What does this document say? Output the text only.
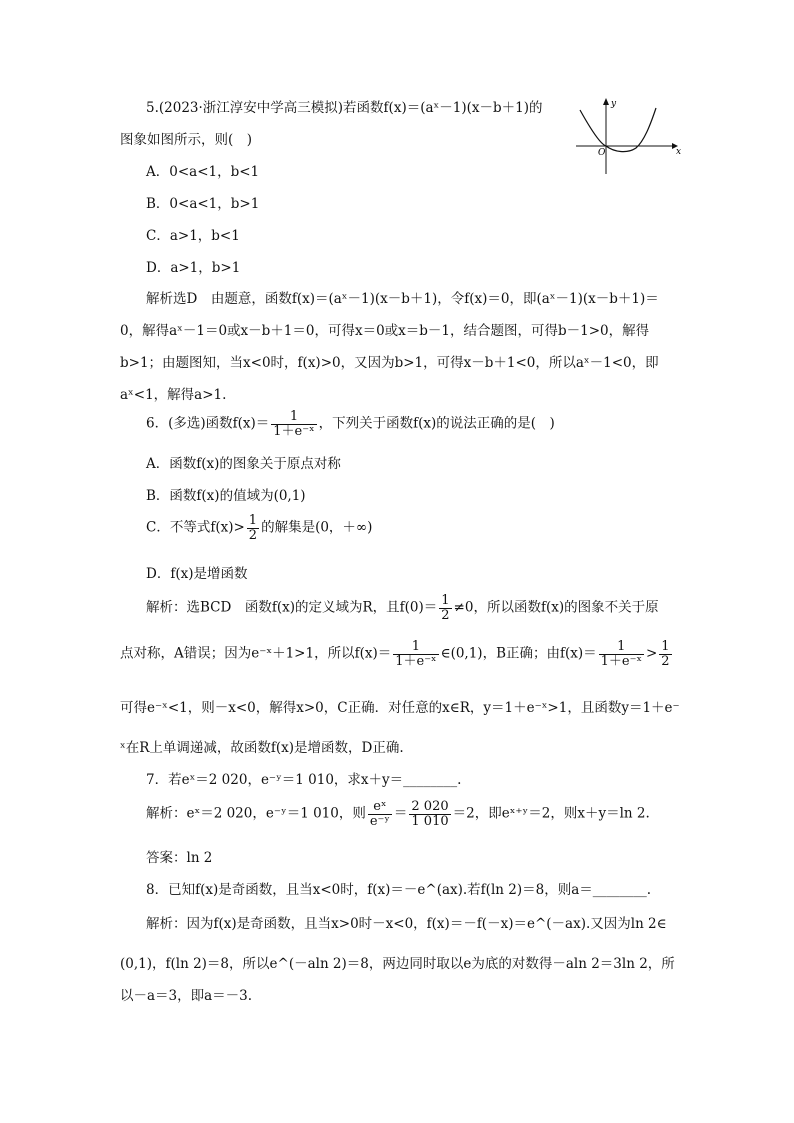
5.(2023·浙江淳安中学高三模拟)若函数f(x)＝(aˣ－1)(x－b＋1)的
图象如图所示，则(　)
A．0<a<1，b<1
B．0<a<1，b>1
C．a>1，b<1
D．a>1，b>1
x
y
O
解析选D　由题意，函数f(x)＝(aˣ－1)(x－b＋1)，令f(x)＝0，即(aˣ－1)(x－b＋1)＝
0，解得aˣ－1＝0或x－b＋1＝0，可得x＝0或x＝b－1，结合题图，可得b－1>0，解得
b>1；由题图知，当x<0时，f(x)>0，又因为b>1，可得x－b＋1<0，所以aˣ－1<0，即
aˣ<1，解得a>1.
6．(多选)函数$f(x)= \frac{1}{\text{1＋e⁻ˣ}}$ ，下列关于函数f(x)的说法正确的是(　)
A．函数f(x)的图象关于原点对称
B．函数f(x)的值域为(0,1)
C．不等式$f(x)> \frac{1}{2}$ 的解集是(0，＋∞)
D．f(x)是增函数
解析：选BCD　函数f(x)的定义域为R，且$f(0)= \frac{1}{2} \ne 0$，所以函数f(x)的图象不关于原
点对称，A错误；因为e⁻ˣ＋1>1，所以$f(x)= \frac{1}{\text{1＋e⁻ˣ}}$ ∈(0,1)，B正确；由$f(x)= \frac{1}{\text{1＋e⁻ˣ}} > \frac{1}{2}$
可得e⁻ˣ<1，则－x<0，解得x>0，C正确．对任意的x∈R，y＝1＋e⁻ˣ>1，且函数y＝1＋e⁻
ˣ在R上单调递减，故函数f(x)是增函数，D正确.
7．若eˣ＝2 020，e⁻ʸ＝1 010，求x＋y＝________.
解析：eˣ＝2 020，e⁻ʸ＝1 010，则 $\frac{\text{eˣ}}{\text{e⁻ʸ}} = \frac{2 020}{1 010} =2$，即eˣ⁺ʸ＝2，则x＋y＝ln 2.
答案：ln 2
8．已知f(x)是奇函数，且当x<0时，f(x)＝－e^(ax).若f(ln 2)＝8，则a＝________.
解析：因为f(x)是奇函数，且当x>0时－x<0，f(x)＝－f(－x)＝e^(－ax).又因为ln 2∈
(0,1)，f(ln 2)＝8，所以e^(－aln 2)＝8，两边同时取以e为底的对数得－aln 2＝3ln 2，所
以－a＝3，即a＝－3.
